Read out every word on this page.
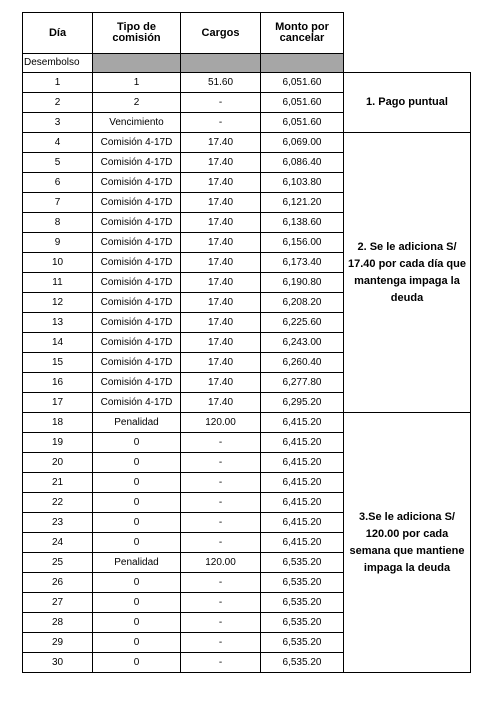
Día	Tipo de comisión	Cargos	Monto por cancelar	
Desembolso				
1	1	51.60	6,051.60	1. Pago puntual
2	2	-	6,051.60	
3	Vencimiento	-	6,051.60	
4	Comisión 4-17D	17.40	6,069.00	2. Se le adiciona S/ 17.40 por cada día que mantenga impaga la deuda
5	Comisión 4-17D	17.40	6,086.40	
6	Comisión 4-17D	17.40	6,103.80	
7	Comisión 4-17D	17.40	6,121.20	
8	Comisión 4-17D	17.40	6,138.60	
9	Comisión 4-17D	17.40	6,156.00	
10	Comisión 4-17D	17.40	6,173.40	
11	Comisión 4-17D	17.40	6,190.80	
12	Comisión 4-17D	17.40	6,208.20	
13	Comisión 4-17D	17.40	6,225.60	
14	Comisión 4-17D	17.40	6,243.00	
15	Comisión 4-17D	17.40	6,260.40	
16	Comisión 4-17D	17.40	6,277.80	
17	Comisión 4-17D	17.40	6,295.20	
18	Penalidad	120.00	6,415.20	3.Se le adiciona S/ 120.00 por cada semana que mantiene impaga la deuda
19	0	-	6,415.20	
20	0	-	6,415.20	
21	0	-	6,415.20	
22	0	-	6,415.20	
23	0	-	6,415.20	
24	0	-	6,415.20	
25	Penalidad	120.00	6,535.20	
26	0	-	6,535.20	
27	0	-	6,535.20	
28	0	-	6,535.20	
29	0	-	6,535.20	
30	0	-	6,535.20	
